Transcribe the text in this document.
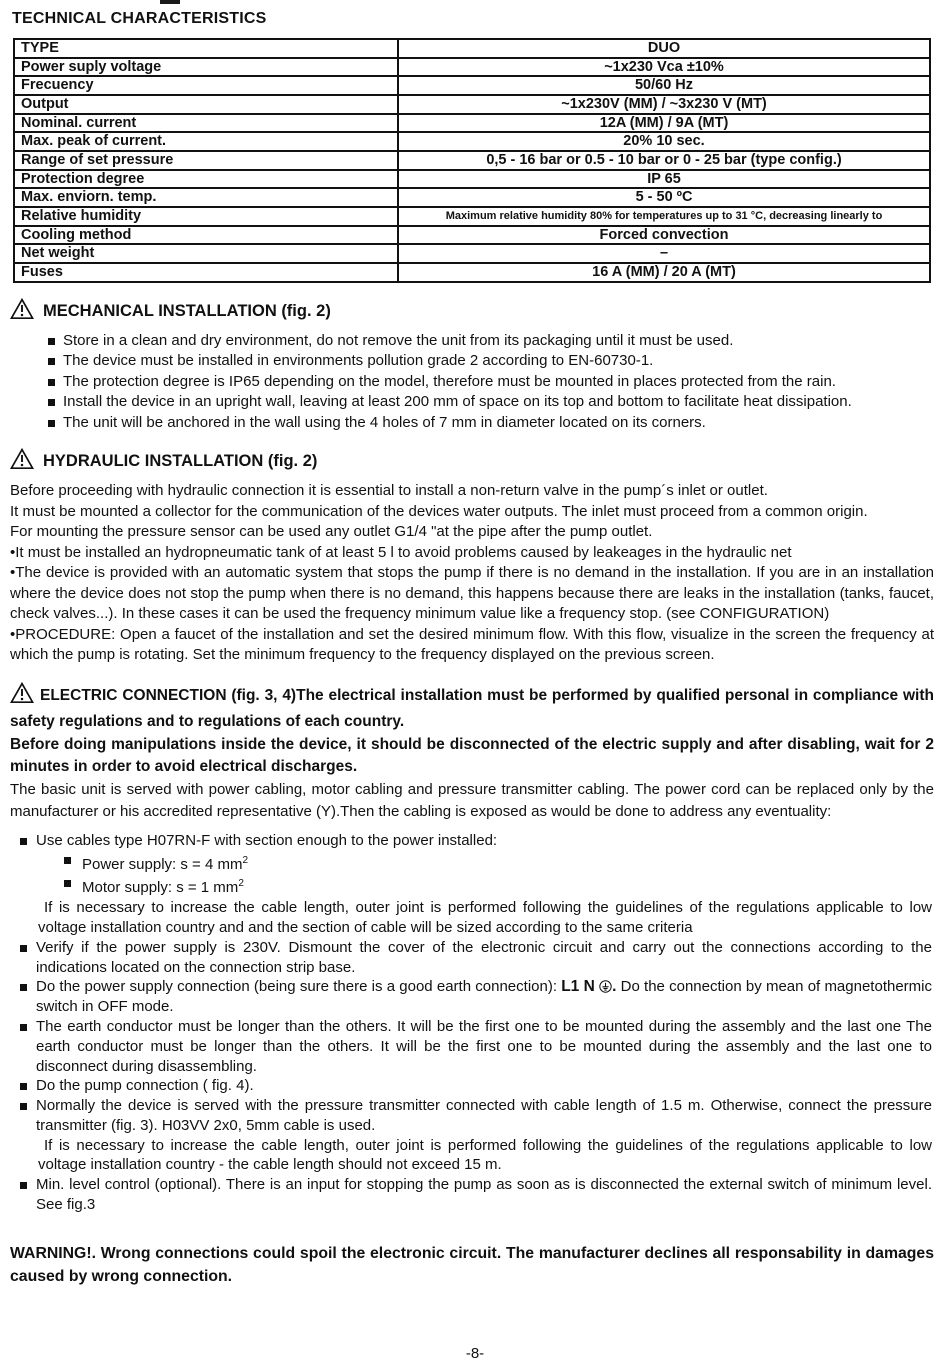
TECHNICAL CHARACTERISTICS
TYPE	DUO
Power suply voltage	~1x230 Vca ±10%
Frecuency	50/60 Hz
Output	~1x230V (MM) / ~3x230 V (MT)
Nominal. current	12A (MM) / 9A (MT)
Max. peak of current.	20% 10 sec.
Range of set pressure	0,5 - 16 bar or 0.5 - 10 bar or 0 - 25 bar (type config.)
Protection degree	IP 65
Max. enviorn. temp.	5 - 50 ºC
Relative humidity	Maximum relative humidity 80% for temperatures up to 31 °C, decreasing linearly to
Cooling method	Forced convection
Net weight	–
Fuses	16 A (MM) / 20 A (MT)
MECHANICAL INSTALLATION (fig. 2)
Store in a clean and dry environment, do not remove the unit from its packaging until it must be used.
The device must be installed in environments pollution grade 2 according to EN-60730-1.
The protection degree is IP65 depending on the model, therefore must be mounted in places protected from the rain.
Install the device in an upright wall, leaving at least 200 mm of space on its top and bottom to facilitate heat dissipation.
The unit will be anchored in the wall using the 4 holes of 7 mm in diameter located on its corners.
HYDRAULIC INSTALLATION (fig. 2)

Before proceeding with hydraulic connection it is essential to install a non-return valve in the pump´s inlet or outlet.

It must be mounted a collector for the communication of the devices water outputs. The inlet must proceed from a common origin.

For mounting the pressure sensor can be used any outlet G1/4 "at the pipe after the pump outlet.

•It must be installed an hydropneumatic tank of at least 5 l to avoid problems caused by leakeages in the hydraulic net

•The device is provided with an automatic system that stops the pump if there is no demand in the installation. If you are in an installation where the device does not stop the pump when there is no demand, this happens because there are leaks in the installation (tanks, faucet, check valves...). In these cases it can be used the frequency minimum value like a frequency stop. (see CONFIGURATION)

•PROCEDURE: Open a faucet of the installation and set the desired minimum flow. With this flow, visualize in the screen the frequency at which the pump is rotating. Set the minimum frequency to the frequency displayed on the previous screen.

ELECTRIC CONNECTION (fig. 3, 4)The electrical installation must be performed by qualified personal in compliance with safety regulations and to regulations of each country.

Before doing manipulations inside the device, it should be disconnected of the electric supply and after disabling, wait for 2 minutes in order to avoid electrical discharges.

The basic unit is served with power cabling, motor cabling and pressure transmitter cabling. The power cord can be replaced only by the manufacturer or his accredited representative (Y).Then the cabling is exposed as would be done to address any eventuality:

Use cables type H07RN-F with section enough to the power installed:
Power supply: s = 4 $mm^2$
Motor supply: s = 1 $mm^2$
If is necessary to increase the cable length, outer joint is performed following the guidelines of the regulations applicable to low voltage installation country and and the section of cable will be sized according to the same criteria
Verify if the power supply is 230V. Dismount the cover of the electronic circuit and carry out the connections according to the indications located on the connection strip base.
Do the power supply connection (being sure there is a good earth connection): L1 N . Do the connection by mean of magnetothermic switch in OFF mode.
The earth conductor must be longer than the others. It will be the first one to be mounted during the assembly and the last one The earth conductor must be longer than the others. It will be the first one to be mounted during the assembly and the last one to disconnect during disassembling.
Do the pump connection ( fig. 4).
Normally the device is served with the pressure transmitter connected with cable length of 1.5 m. Otherwise, connect the pressure transmitter (fig. 3). H03VV 2x0, 5mm cable is used.
If is necessary to increase the cable length, outer joint is performed following the guidelines of the regulations applicable to low voltage installation country - the cable length should not exceed 15 m.
Min. level control (optional). There is an input for stopping the pump as soon as is disconnected the external switch of minimum level. See fig.3

WARNING!. Wrong connections could spoil the electronic circuit. The manufacturer declines all responsability in damages caused by wrong connection.

-8-
